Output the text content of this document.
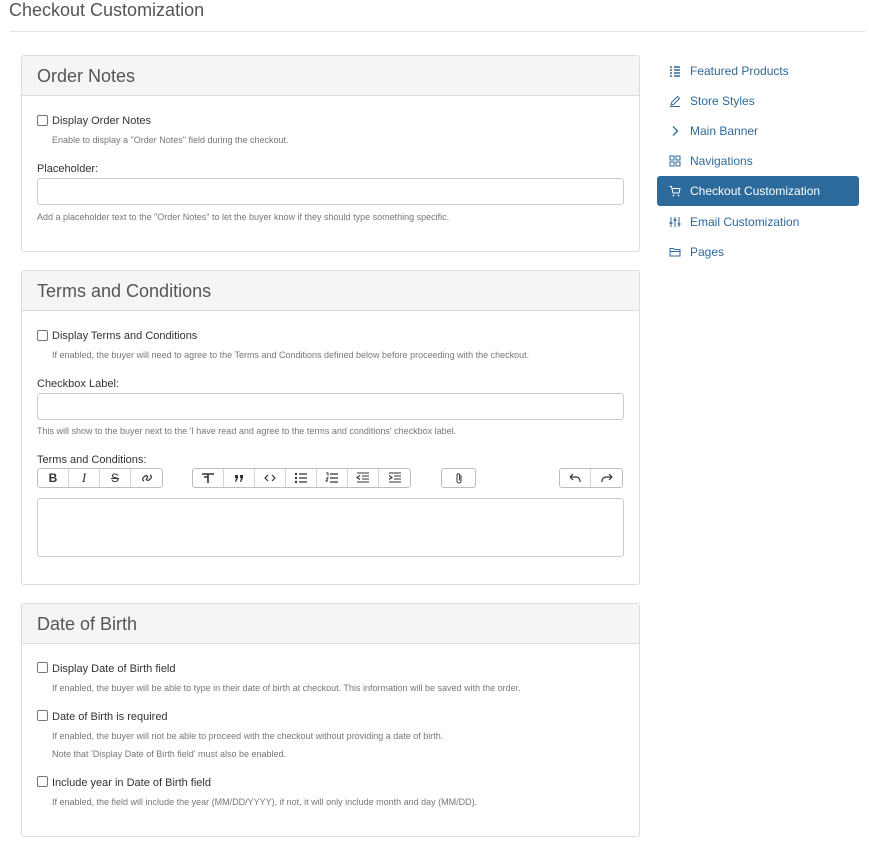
Checkout Customization
Order Notes
Display Order Notes
Enable to display a "Order Notes" field during the checkout.
Placeholder:
Add a placeholder text to the "Order Notes" to let the buyer know if they should type something specific.
Terms and Conditions
Display Terms and Conditions
If enabled, the buyer will need to agree to the Terms and Conditions defined below before proceeding with the checkout.
Checkbox Label:
This will show to the buyer next to the 'I have read and agree to the terms and conditions' checkbox label.
Terms and Conditions:
B	I	S
Date of Birth
Display Date of Birth field
If enabled, the buyer will be able to type in their date of birth at checkout. This information will be saved with the order.
Date of Birth is required
If enabled, the buyer will not be able to proceed with the checkout without providing a date of birth.
Note that 'Display Date of Birth field' must also be enabled.
Include year in Date of Birth field
If enabled, the field will include the year (MM/DD/YYYY), if not, it will only include month and day (MM/DD).
Featured Products
Store Styles
Main Banner
Navigations
Checkout Customization
Email Customization
Pages
